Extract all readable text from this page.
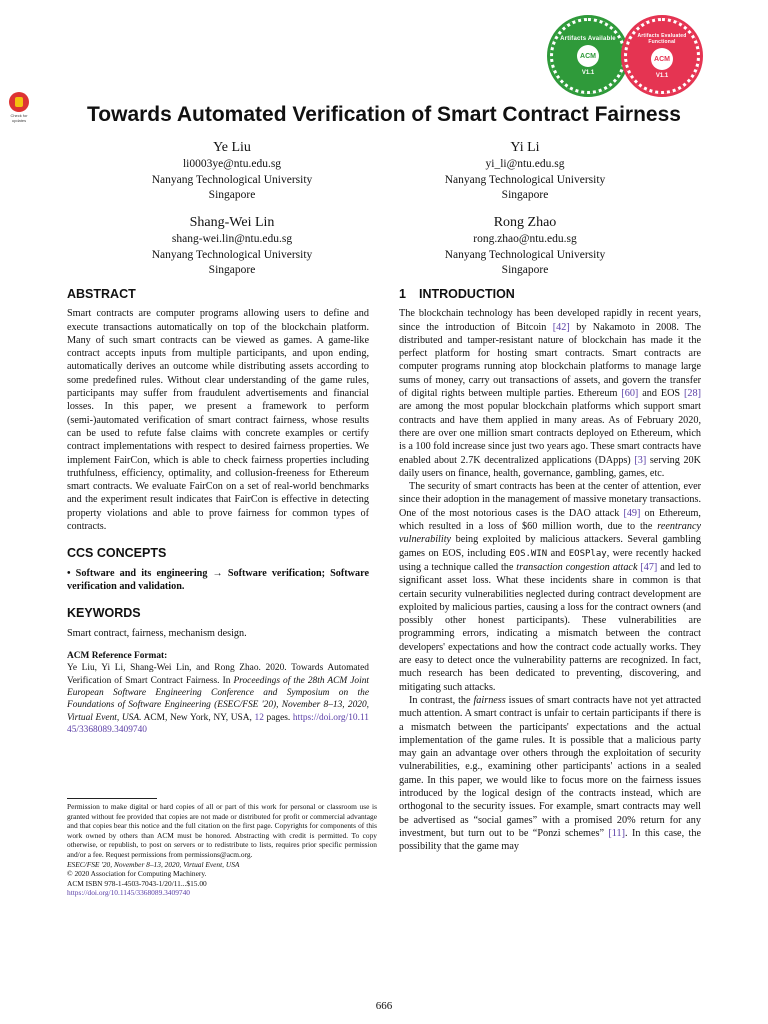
Check for
updates
Artifacts Available
ACM
V1.1
Artifacts Evaluated Functional
ACM
V1.1
Towards Automated Verification of Smart Contract Fairness
Ye Liu
li0003ye@ntu.edu.sg
Nanyang Technological University
Singapore
Yi Li
yi_li@ntu.edu.sg
Nanyang Technological University
Singapore
Shang-Wei Lin
shang-wei.lin@ntu.edu.sg
Nanyang Technological University
Singapore
Rong Zhao
rong.zhao@ntu.edu.sg
Nanyang Technological University
Singapore
ABSTRACT

Smart contracts are computer programs allowing users to define and execute transactions automatically on top of the blockchain platform. Many of such smart contracts can be viewed as games. A game-like contract accepts inputs from multiple participants, and upon ending, automatically derives an outcome while distributing assets according to some predefined rules. Without clear understanding of the game rules, participants may suffer from fraudulent advertisements and financial losses. In this paper, we present a framework to perform (semi-)automated verification of smart contract fairness, whose results can be used to refute false claims with concrete examples or certify contract implementations with respect to desired fairness properties. We implement FairCon, which is able to check fairness properties including truthfulness, efficiency, optimality, and collusion-freeness for Ethereum smart contracts. We evaluate FairCon on a set of real-world benchmarks and the experiment result indicates that FairCon is effective in detecting property violations and able to prove fairness for common types of contracts.

CCS CONCEPTS

• Software and its engineering → Software verification; Software verification and validation.

KEYWORDS

Smart contract, fairness, mechanism design.

ACM Reference Format:
Ye Liu, Yi Li, Shang-Wei Lin, and Rong Zhao. 2020. Towards Automated Verification of Smart Contract Fairness. In Proceedings of the 28th ACM Joint European Software Engineering Conference and Symposium on the Foundations of Software Engineering (ESEC/FSE '20), November 8–13, 2020, Virtual Event, USA. ACM, New York, NY, USA, 12 pages. https://doi.org/10.1145/3368089.3409740
Permission to make digital or hard copies of all or part of this work for personal or classroom use is granted without fee provided that copies are not made or distributed for profit or commercial advantage and that copies bear this notice and the full citation on the first page. Copyrights for components of this work owned by others than ACM must be honored. Abstracting with credit is permitted. To copy otherwise, or republish, to post on servers or to redistribute to lists, requires prior specific permission and/or a fee. Request permissions from permissions@acm.org.
ESEC/FSE '20, November 8–13, 2020, Virtual Event, USA
© 2020 Association for Computing Machinery.
ACM ISBN 978-1-4503-7043-1/20/11...$15.00
https://doi.org/10.1145/3368089.3409740
1 INTRODUCTION

The blockchain technology has been developed rapidly in recent years, since the introduction of Bitcoin [42] by Nakamoto in 2008. The distributed and tamper-resistant nature of blockchain has made it the perfect platform for hosting smart contracts. Smart contracts are computer programs running atop blockchain platforms to manage large sums of money, carry out transactions of assets, and govern the transfer of digital rights between multiple parties. Ethereum [60] and EOS [28] are among the most popular blockchain platforms which support smart contracts and have them applied in many areas. As of February 2020, there are over one million smart contracts deployed on Ethereum, which is a 100 fold increase since just two years ago. These smart contracts have enabled about 2.7K decentralized applications (DApps) [3] serving 20K daily users on finance, health, governance, gambling, games, etc.

The security of smart contracts has been at the center of attention, ever since their adoption in the management of massive monetary transactions. One of the most notorious cases is the DAO attack [49] on Ethereum, which resulted in a loss of $60 million worth, due to the reentrancy vulnerability being exploited by malicious attackers. Several gambling games on EOS, including EOS.WIN and EOSPlay, were recently hacked using a technique called the transaction congestion attack [47] and led to significant asset loss. What these incidents share in common is that certain security vulnerabilities neglected during contract development are exploited by malicious parties, causing a loss for the contract owners (and possibly other honest participants). These vulnerabilities are programming errors, indicating a mismatch between the contract developers' expectations and how the contract code actually works. They are easy to detect once the vulnerability patterns are recognized. In fact, much research has been dedicated to preventing, discovering, and mitigating such attacks.

In contrast, the fairness issues of smart contracts have not yet attracted much attention. A smart contract is unfair to certain participants if there is a mismatch between the participants' expectations and the actual implementation of the game rules. It is possible that a malicious party may gain an advantage over others through the exploitation of security vulnerabilities, e.g., examining other participants' actions in a sealed game. In this paper, we would like to focus more on the fairness issues introduced by the logical design of the contracts instead, which are orthogonal to the security issues. For example, smart contracts may well be advertised as “social games” with a promised 20% return for any investment, but turn out to be “Ponzi schemes” [11]. In this case, the possibility that the game may

666
